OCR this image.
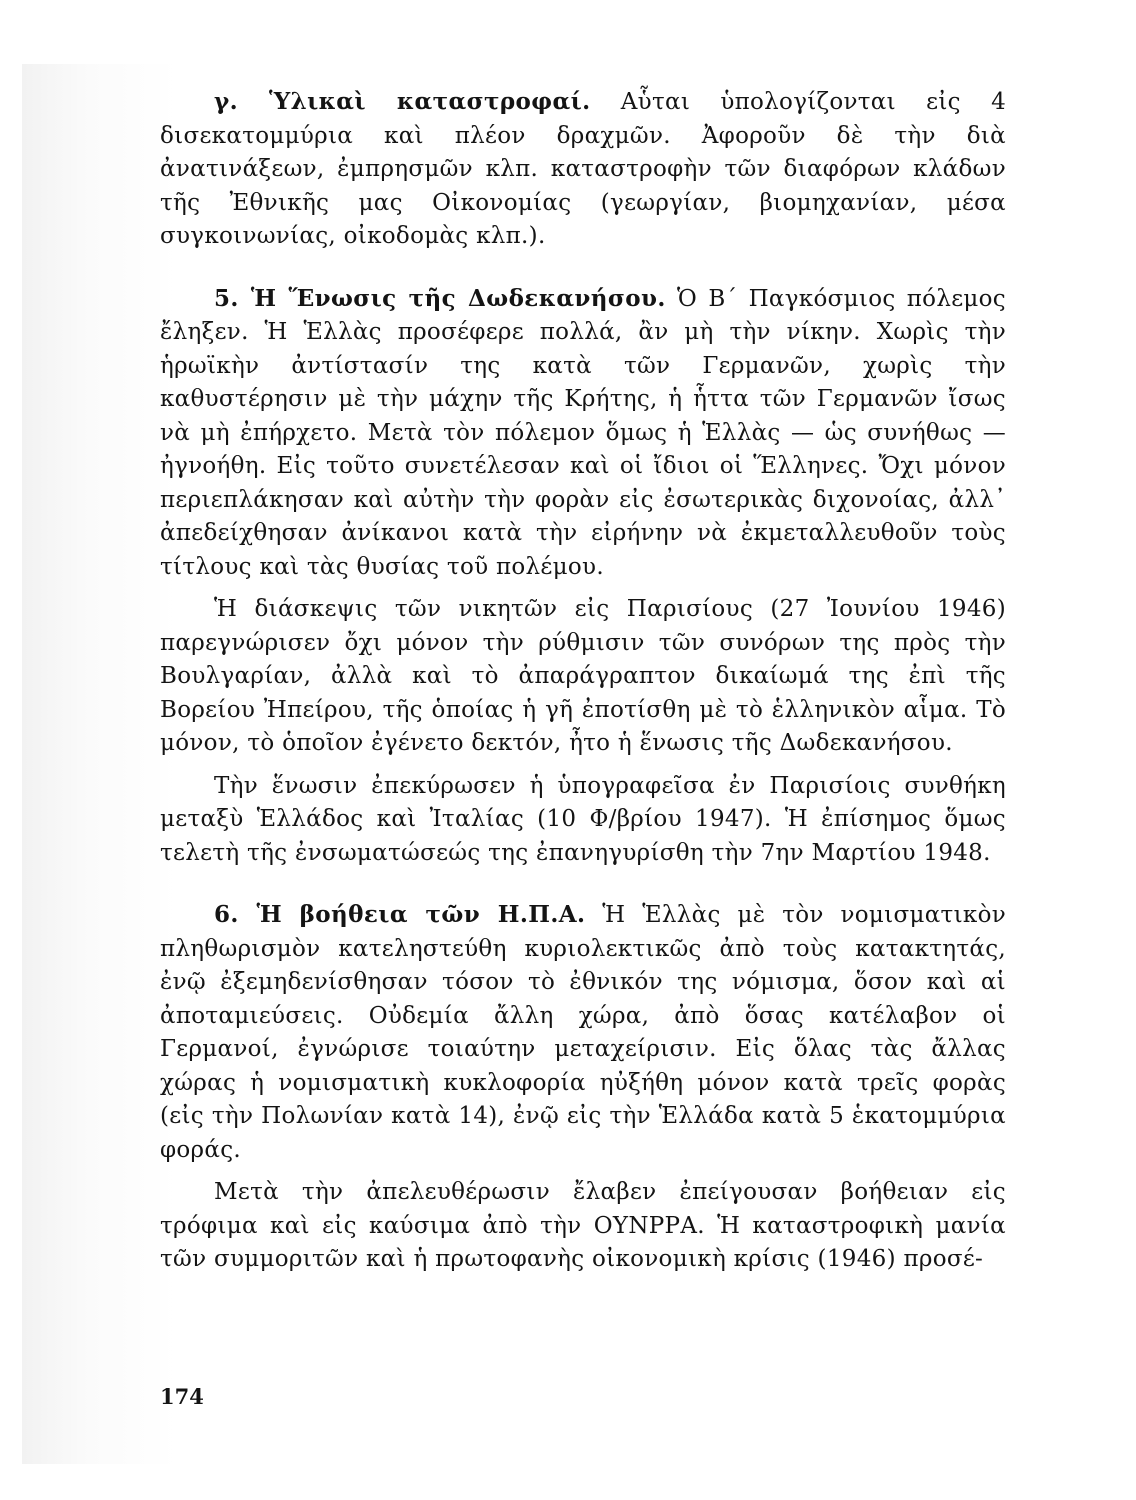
γ. Ὑλικαὶ καταστροφαί. Αὗται ὑπολογίζονται εἰς 4 δισεκατομμύρια καὶ πλέον δραχμῶν. Ἀφοροῦν δὲ τὴν διὰ ἀνατινάξεων, ἐμπρησμῶν κλπ. καταστροφὴν τῶν διαφόρων κλάδων τῆς Ἐθνικῆς μας Οἰκονομίας (γεωργίαν, βιομηχανίαν, μέσα συγκοινωνίας, οἰκοδομὰς κλπ.).

5. Ἡ Ἕνωσις τῆς Δωδεκανήσου. Ὁ Β΄ Παγκόσμιος πόλεμος ἔληξεν. Ἡ Ἑλλὰς προσέφερε πολλά, ἂν μὴ τὴν νίκην. Χωρὶς τὴν ἡρωϊκὴν ἀντίστασίν της κατὰ τῶν Γερμανῶν, χωρὶς τὴν καθυστέρησιν μὲ τὴν μάχην τῆς Κρήτης, ἡ ἧττα τῶν Γερμανῶν ἴσως νὰ μὴ ἐπήρχετο. Μετὰ τὸν πόλεμον ὅμως ἡ Ἑλλὰς — ὡς συνήθως — ἠγνοήθη. Εἰς τοῦτο συνετέλεσαν καὶ οἱ ἴδιοι οἱ Ἕλληνες. Ὄχι μόνον περιεπλάκησαν καὶ αὐτὴν τὴν φορὰν εἰς ἐσωτερικὰς διχονοίας, ἀλλ᾽ ἀπεδείχθησαν ἀνίκανοι κατὰ τὴν εἰρήνην νὰ ἐκμεταλλευθοῦν τοὺς τίτλους καὶ τὰς θυσίας τοῦ πολέμου.

Ἡ διάσκεψις τῶν νικητῶν εἰς Παρισίους (27 Ἰουνίου 1946) παρεγνώρισεν ὄχι μόνον τὴν ρύθμισιν τῶν συνόρων της πρὸς τὴν Βουλγαρίαν, ἀλλὰ καὶ τὸ ἀπαράγραπτον δικαίωμά της ἐπὶ τῆς Βορείου Ἠπείρου, τῆς ὁποίας ἡ γῆ ἐποτίσθη μὲ τὸ ἑλληνικὸν αἷμα. Τὸ μόνον, τὸ ὁποῖον ἐγένετο δεκτόν, ἦτο ἡ ἕνωσις τῆς Δωδεκανήσου.

Τὴν ἕνωσιν ἐπεκύρωσεν ἡ ὑπογραφεῖσα ἐν Παρισίοις συνθήκη μεταξὺ Ἑλλάδος καὶ Ἰταλίας (10 Φ/βρίου 1947). Ἡ ἐπίσημος ὅμως τελετὴ τῆς ἐνσωματώσεώς της ἐπανηγυρίσθη τὴν 7ην Μαρτίου 1948.

6. Ἡ βοήθεια τῶν Η.Π.Α. Ἡ Ἑλλὰς μὲ τὸν νομισματικὸν πληθωρισμὸν κατεληστεύθη κυριολεκτικῶς ἀπὸ τοὺς κατακτητάς, ἐνῷ ἐξεμηδενίσθησαν τόσον τὸ ἐθνικόν της νόμισμα, ὅσον καὶ αἱ ἀποταμιεύσεις. Οὐδεμία ἄλλη χώρα, ἀπὸ ὅσας κατέλαβον οἱ Γερμανοί, ἐγνώρισε τοιαύτην μεταχείρισιν. Εἰς ὅλας τὰς ἄλλας χώρας ἡ νομισματικὴ κυκλοφορία ηὐξήθη μόνον κατὰ τρεῖς φορὰς (εἰς τὴν Πολωνίαν κατὰ 14), ἐνῷ εἰς τὴν Ἑλλάδα κατὰ 5 ἑκατομμύρια φοράς.

Μετὰ τὴν ἀπελευθέρωσιν ἔλαβεν ἐπείγουσαν βοήθειαν εἰς τρόφιμα καὶ εἰς καύσιμα ἀπὸ τὴν ΟΥΝΡΡΑ. Ἡ καταστροφικὴ μανία τῶν συμμοριτῶν καὶ ἡ πρωτοφανὴς οἰκονομικὴ κρίσις (1946) προσέ-

174
